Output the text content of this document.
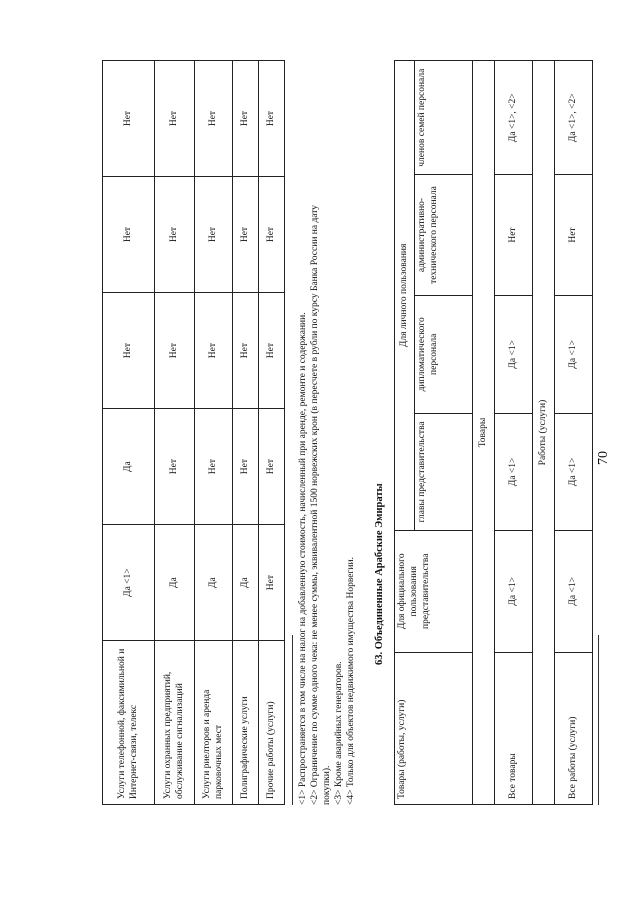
70
Услуги телефонной, факсимильной и Интернет-связи, телекс	Да <1>	Да	Нет	Нет	Нет
Услуги охранных предприятий, обслуживание сигнализаций	Да	Нет	Нет	Нет	Нет
Услуги риелторов и аренда парковочных мест	Да	Нет	Нет	Нет	Нет
Полиграфические услуги	Да	Нет	Нет	Нет	Нет
Прочие работы (услуги)	Нет	Нет	Нет	Нет	Нет
<1> Распространяется в том числе на налог на добавленную стоимость, начисленный при аренде, ремонте и содержании. <2> Ограничение по сумме одного чека: не менее суммы, эквивалентной 1500 норвежских крон (в пересчете в рубли по курсу Банка России на дату покупки). <3> Кроме аварийных генераторов. <4> Только для объектов недвижимого имущества Норвегии. 63. Объединенные Арабские Эмираты
Товары (работы, услуги)	Для официального пользования представительства	Для личного пользования			
		главы представительства	дипломатического персонала	административно-технического персонала	членов семей персонала
Товары					
Все товары	Да <1>	Да <1>	Да <1>	Нет	Да <1>, <2>
Работы (услуги)					
Все работы (услуги)	Да <1>	Да <1>	Да <1>	Нет	Да <1>, <2>
